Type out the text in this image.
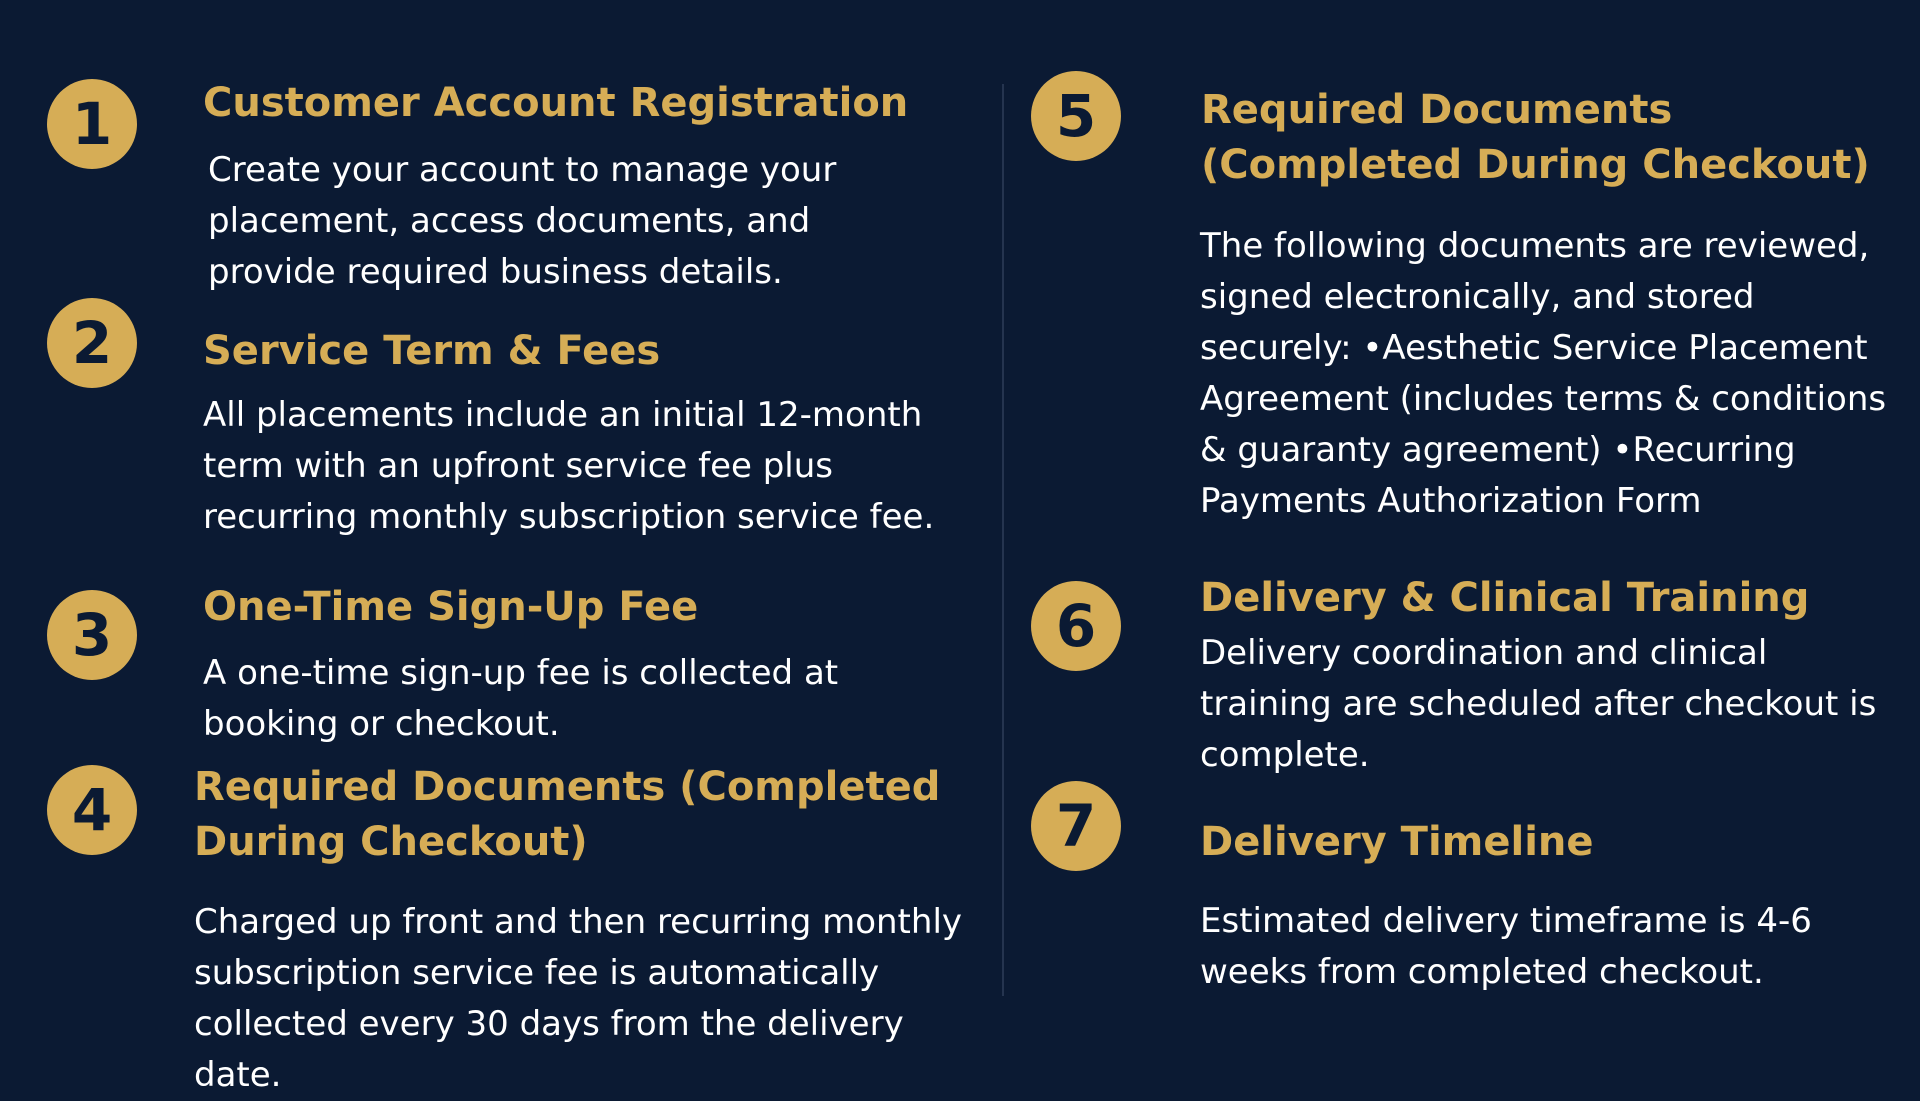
1	Customer Account Registration

Create your account to manage your placement, access documents, and provide required business details.

2	Service Term & Fees

All placements include an initial 12-month term with an upfront service fee plus recurring monthly subscription service fee.

3	One-Time Sign-Up Fee

A one-time sign-up fee is collected at booking or checkout.

4	Required Documents (Completed During Checkout)

Charged up front and then recurring monthly subscription service fee is automatically collected every 30 days from the delivery date.

5	Required Documents (Completed During Checkout)

The following documents are reviewed, signed electronically, and stored securely: •Aesthetic Service Placement Agreement (includes terms & conditions & guaranty agreement) •Recurring Payments Authorization Form

6	Delivery & Clinical Training

Delivery coordination and clinical training are scheduled after checkout is complete.

7	Delivery Timeline

Estimated delivery timeframe is 4-6 weeks from completed checkout.
